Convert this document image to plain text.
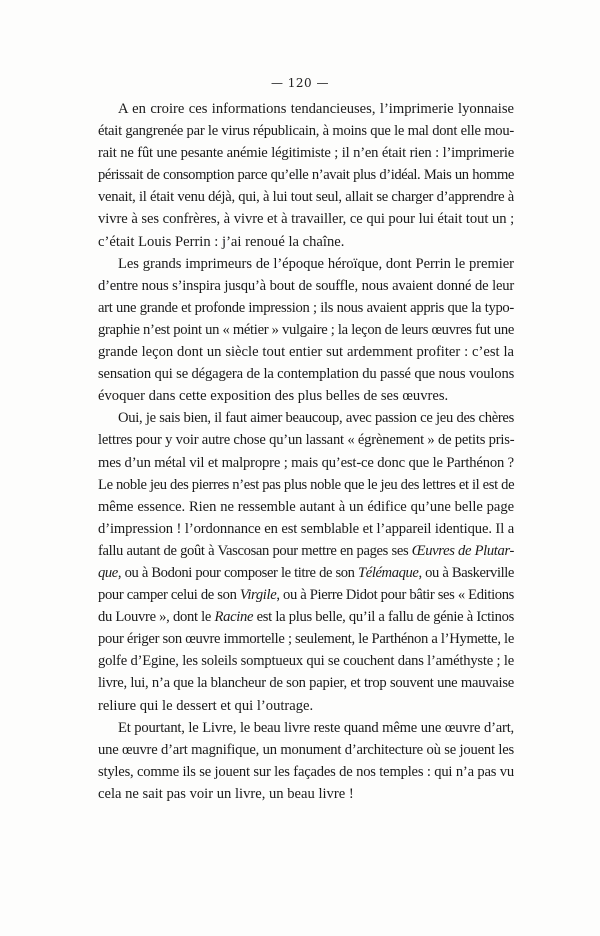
— 120 —

A en croire ces informations tendancieuses, l’imprimerie lyonnaise
était gangrenée par le virus républicain, à moins que le mal dont elle mou-
rait ne fût une pesante anémie légitimiste ; il n’en était rien : l’imprimerie
périssait de consomption parce qu’elle n’avait plus d’idéal. Mais un homme
venait, il était venu déjà, qui, à lui tout seul, allait se charger d’apprendre à
vivre à ses confrères, à vivre et à travailler, ce qui pour lui était tout un ;
c’était Louis Perrin : j’ai renoué la chaîne.

Les grands imprimeurs de l’époque héroïque, dont Perrin le premier
d’entre nous s’inspira jusqu’à bout de souffle, nous avaient donné de leur
art une grande et profonde impression ; ils nous avaient appris que la typo-
graphie n’est point un « métier » vulgaire ; la leçon de leurs œuvres fut une
grande leçon dont un siècle tout entier sut ardemment profiter : c’est la
sensation qui se dégagera de la contemplation du passé que nous voulons
évoquer dans cette exposition des plus belles de ses œuvres.

Oui, je sais bien, il faut aimer beaucoup, avec passion ce jeu des chères
lettres pour y voir autre chose qu’un lassant « égrènement » de petits pris-
mes d’un métal vil et malpropre ; mais qu’est-ce donc que le Parthénon ?
Le noble jeu des pierres n’est pas plus noble que le jeu des lettres et il est de
même essence. Rien ne ressemble autant à un édifice qu’une belle page
d’impression ! l’ordonnance en est semblable et l’appareil identique. Il a
fallu autant de goût à Vascosan pour mettre en pages ses Œuvres de Plutar-
que, ou à Bodoni pour composer le titre de son Télémaque, ou à Baskerville
pour camper celui de son Virgile, ou à Pierre Didot pour bâtir ses « Editions
du Louvre », dont le Racine est la plus belle, qu’il a fallu de génie à Ictinos
pour ériger son œuvre immortelle ; seulement, le Parthénon a l’Hymette, le
golfe d’Egine, les soleils somptueux qui se couchent dans l’améthyste ; le
livre, lui, n’a que la blancheur de son papier, et trop souvent une mauvaise
reliure qui le dessert et qui l’outrage.

Et pourtant, le Livre, le beau livre reste quand même une œuvre d’art,
une œuvre d’art magnifique, un monument d’architecture où se jouent les
styles, comme ils se jouent sur les façades de nos temples : qui n’a pas vu
cela ne sait pas voir un livre, un beau livre !
